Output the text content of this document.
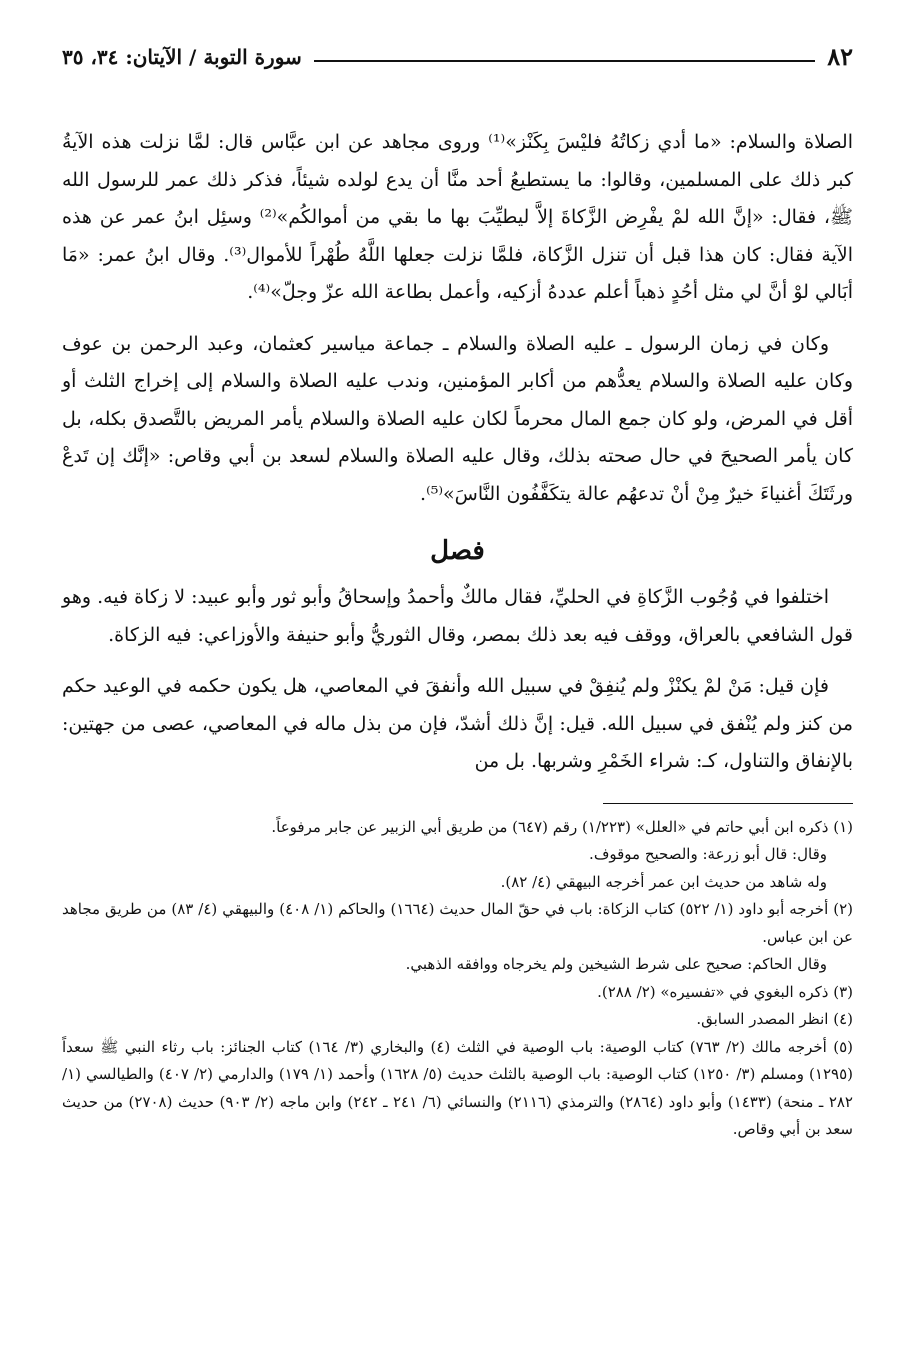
٨٢
سورة التوبة / الآيتان: ٣٤، ٣٥

الصلاة والسلام: «ما أدي زكاتُهُ فليْسَ بِكَنْز»⁽¹⁾ وروى مجاهد عن ابن عبَّاس قال: لمَّا نزلت هذه الآيةُ كبر ذلك على المسلمين، وقالوا: ما يستطيعُ أحد منَّا أن يدع لولده شيئاً، فذكر ذلك عمر للرسول الله ﷺ، فقال: «إنَّ الله لمْ يفْرِض الزَّكاةَ إلاَّ ليطيِّبَ بها ما بقي من أموالكُم»⁽²⁾ وسئِل ابنُ عمر عن هذه الآية فقال: كان هذا قبل أن تنزل الزَّكاة، فلمَّا نزلت جعلها اللَّهُ طُهْراً للأموال⁽³⁾. وقال ابنُ عمر: «مَا أبَالي لوْ أنَّ لي مثل أحُدٍ ذهباً أعلم عددهُ أزكيه، وأعمل بطاعة الله عزّ وجلّ»⁽⁴⁾.

وكان في زمان الرسول ـ عليه الصلاة والسلام ـ جماعة مياسير كعثمان، وعبد الرحمن بن عوف وكان عليه الصلاة والسلام يعدُّهم من أكابر المؤمنين، وندب عليه الصلاة والسلام إلى إخراج الثلث أو أقل في المرض، ولو كان جمع المال محرماً لكان عليه الصلاة والسلام يأمر المريض بالتَّصدق بكله، بل كان يأمر الصحيحَ في حال صحته بذلك، وقال عليه الصلاة والسلام لسعد بن أبي وقاص: «إنَّك إن تَدعْ ورثَتَكَ أغنياءَ خيرٌ مِنْ أنْ تدعهُم عالة يتكَفَّفُون النَّاسَ»⁽⁵⁾.

فصل

اختلفوا في وُجُوب الزَّكاةِ في الحليِّ، فقال مالكٌ وأحمدُ وإسحاقُ وأبو ثور وأبو عبيد: لا زكاة فيه. وهو قول الشافعي بالعراق، ووقف فيه بعد ذلك بمصر، وقال الثوريُّ وأبو حنيفة والأوزاعي: فيه الزكاة.

فإن قيل: مَنْ لمْ يكنْزْ ولم يُنفِقْ في سبيل الله وأنفقَ في المعاصي، هل يكون حكمه في الوعيد حكم من كنز ولم يُنْفق في سبيل الله. قيل: إنَّ ذلك أشدّ، فإن من بذل ماله في المعاصي، عصى من جهتين: بالإنفاق والتناول، كـ: شراء الخَمْرِ وشربها. بل من

(١) ذكره ابن أبي حاتم في «العلل» (١/٢٢٣) رقم (٦٤٧) من طريق أبي الزبير عن جابر مرفوعاً.

وقال: قال أبو زرعة: والصحيح موقوف.

وله شاهد من حديث ابن عمر أخرجه البيهقي (٤/ ٨٢).

(٢) أخرجه أبو داود (١/ ٥٢٢) كتاب الزكاة: باب في حقّ المال حديث (١٦٦٤) والحاكم (١/ ٤٠٨) والبيهقي (٤/ ٨٣) من طريق مجاهد عن ابن عباس.

وقال الحاكم: صحيح على شرط الشيخين ولم يخرجاه ووافقه الذهبي.

(٣) ذكره البغوي في «تفسيره» (٢/ ٢٨٨).

(٤) انظر المصدر السابق.

(٥) أخرجه مالك (٢/ ٧٦٣) كتاب الوصية: باب الوصية في الثلث (٤) والبخاري (٣/ ١٦٤) كتاب الجنائز: باب رثاء النبي ﷺ سعداً (١٢٩٥) ومسلم (٣/ ١٢٥٠) كتاب الوصية: باب الوصية بالثلث حديث (٥/ ١٦٢٨) وأحمد (١/ ١٧٩) والدارمي (٢/ ٤٠٧) والطيالسي (١/ ٢٨٢ ـ منحة) (١٤٣٣) وأبو داود (٢٨٦٤) والترمذي (٢١١٦) والنسائي (٦/ ٢٤١ ـ ٢٤٢) وابن ماجه (٢/ ٩٠٣) حديث (٢٧٠٨) من حديث سعد بن أبي وقاص.
